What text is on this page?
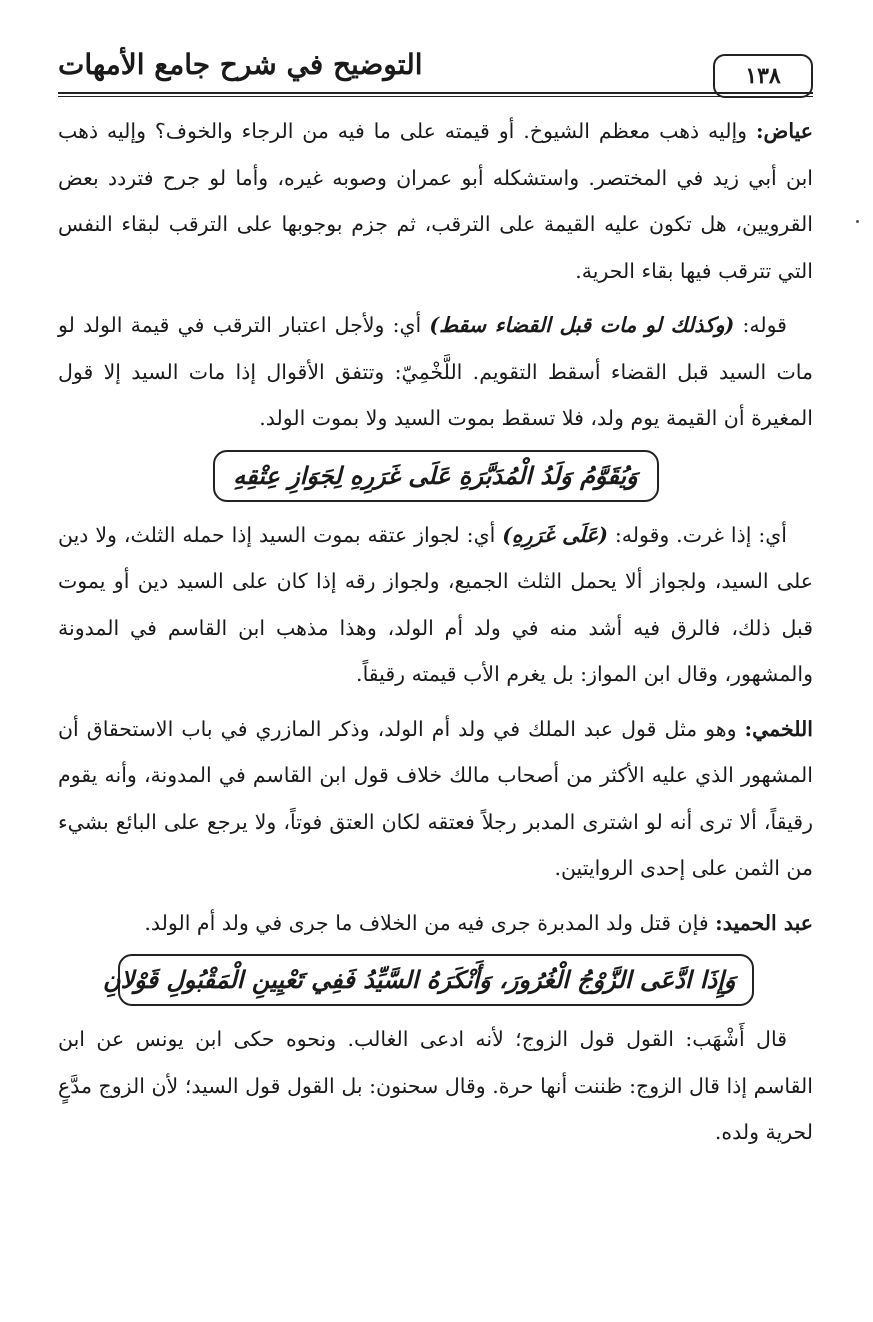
١٣٨
التوضيح في شرح جامع الأمهات

عياض: وإليه ذهب معظم الشيوخ. أو قيمته على ما فيه من الرجاء والخوف؟ وإليه ذهب ابن أبي زيد في المختصر. واستشكله أبو عمران وصوبه غيره، وأما لو جرح فتردد بعض القرويين، هل تكون عليه القيمة على الترقب، ثم جزم بوجوبها على الترقب لبقاء النفس التي تترقب فيها بقاء الحرية.

قوله: (وكذلك لو مات قبل القضاء سقط) أي: ولأجل اعتبار الترقب في قيمة الولد لو مات السيد قبل القضاء أسقط التقويم. اللَّخْمِيّ: وتتفق الأقوال إذا مات السيد إلا قول المغيرة أن القيمة يوم ولد، فلا تسقط بموت السيد ولا بموت الولد.

وَيُقَوَّمُ وَلَدُ الْمُدَبَّرَةِ عَلَى غَرَرِهِ لِجَوَازِ عِتْقِهِ

أي: إذا غرت. وقوله: (عَلَى غَرَرِهِ) أي: لجواز عتقه بموت السيد إذا حمله الثلث، ولا دين على السيد، ولجواز ألا يحمل الثلث الجميع، ولجواز رقه إذا كان على السيد دين أو يموت قبل ذلك، فالرق فيه أشد منه في ولد أم الولد، وهذا مذهب ابن القاسم في المدونة والمشهور، وقال ابن المواز: بل يغرم الأب قيمته رقيقاً.

اللخمي: وهو مثل قول عبد الملك في ولد أم الولد، وذكر المازري في باب الاستحقاق أن المشهور الذي عليه الأكثر من أصحاب مالك خلاف قول ابن القاسم في المدونة، وأنه يقوم رقيقاً، ألا ترى أنه لو اشترى المدبر رجلاً فعتقه لكان العتق فوتاً، ولا يرجع على البائع بشيء من الثمن على إحدى الروايتين.

عبد الحميد: فإن قتل ولد المدبرة جرى فيه من الخلاف ما جرى في ولد أم الولد.

وَإِذَا ادَّعَى الزَّوْجُ الْغُرُورَ، وَأَنْكَرَهُ السَّيِّدُ فَفِي تَعْيِينِ الْمَقْبُولِ قَوْلانِ

قال أَشْهَب: القول قول الزوج؛ لأنه ادعى الغالب. ونحوه حكى ابن يونس عن ابن القاسم إذا قال الزوج: ظننت أنها حرة. وقال سحنون: بل القول قول السيد؛ لأن الزوج مدَّعٍ لحرية ولده.
